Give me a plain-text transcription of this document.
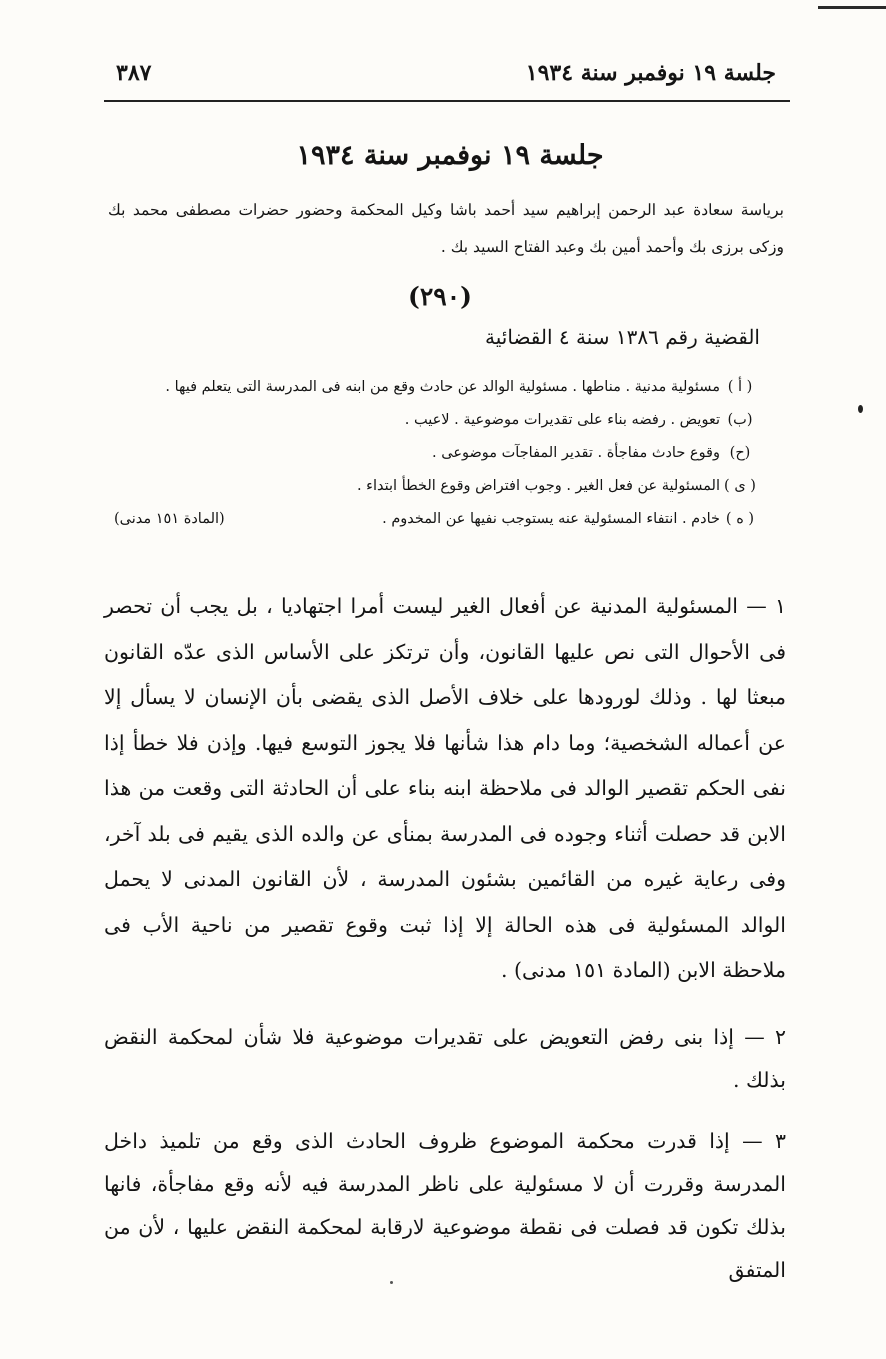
٣٨٧	جلسة ١٩ نوفمبر سنة ١٩٣٤
جلسة ١٩ نوفمبر سنة ١٩٣٤
برياسة سعادة عبد الرحمن إبراهيم سيد أحمد باشا وكيل المحكمة وحضور حضرات مصطفى محمد بك وزكى برزى بك وأحمد أمين بك وعبد الفتاح السيد بك .
(٢٩٠)
القضية رقم ١٣٨٦ سنة ٤ القضائية
( أ )
مسئولية مدنية . مناطها . مسئولية الوالد عن حادث وقع من ابنه فى المدرسة التى يتعلم فيها .
(ب)
تعويض . رفضه بناء على تقديرات موضوعية . لاعيب .
(ح)
وقوع حادث مفاجأة . تقدير المفاجآت موضوعى .
( ى )
المسئولية عن فعل الغير . وجوب افتراض وقوع الخطأ ابتداء .
( ه )
خادم . انتفاء المسئولية عنه يستوجب نفيها عن المخدوم .
(المادة ١٥١ مدنى)
١ — المسئولية المدنية عن أفعال الغير ليست أمرا اجتهاديا ، بل يجب أن تحصر فى الأحوال التى نص عليها القانون، وأن ترتكز على الأساس الذى عدّه القانون مبعثا لها . وذلك لورودها على خلاف الأصل الذى يقضى بأن الإنسان لا يسأل إلا عن أعماله الشخصية؛ وما دام هذا شأنها فلا يجوز التوسع فيها. وإذن فلا خطأ إذا نفى الحكم تقصير الوالد فى ملاحظة ابنه بناء على أن الحادثة التى وقعت من هذا الابن قد حصلت أثناء وجوده فى المدرسة بمنأى عن والده الذى يقيم فى بلد آخر، وفى رعاية غيره من القائمين بشئون المدرسة ، لأن القانون المدنى لا يحمل الوالد المسئولية فى هذه الحالة إلا إذا ثبت وقوع تقصير من ناحية الأب فى ملاحظة الابن (المادة ١٥١ مدنى) .
٢ — إذا بنى رفض التعويض على تقديرات موضوعية فلا شأن لمحكمة النقض بذلك .
٣ — إذا قدرت محكمة الموضوع ظروف الحادث الذى وقع من تلميذ داخل المدرسة وقررت أن لا مسئولية على ناظر المدرسة فيه لأنه وقع مفاجأة، فانها بذلك تكون قد فصلت فى نقطة موضوعية لارقابة لمحكمة النقض عليها ، لأن من المتفق
